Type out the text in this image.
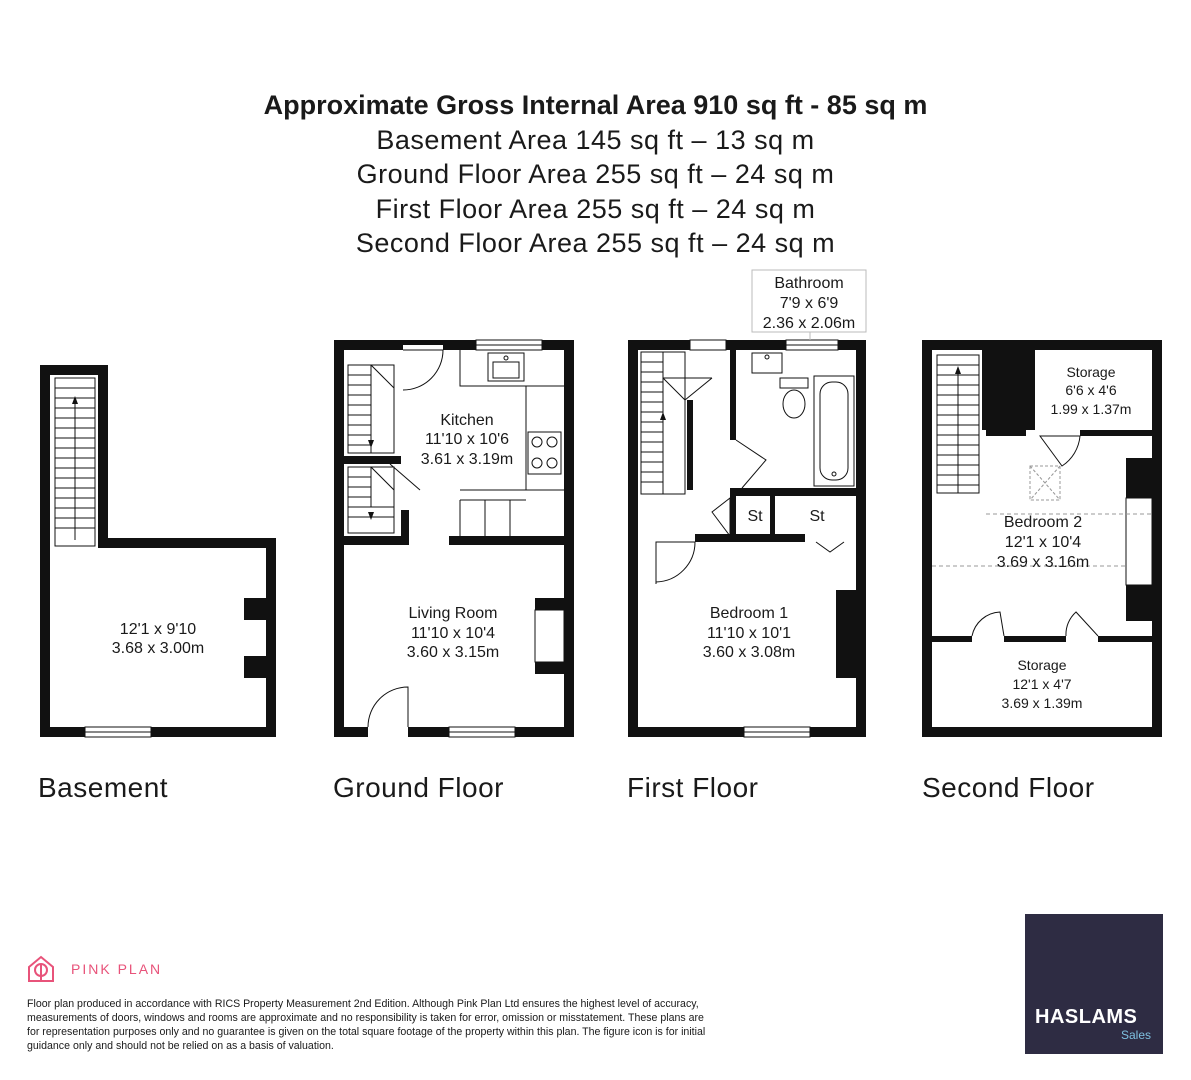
Approximate Gross Internal Area 910 sq ft - 85 sq m
Basement Area 145 sq ft – 13 sq m
Ground Floor Area 255 sq ft – 24 sq m
First Floor Area 255 sq ft – 24 sq m
Second Floor Area 255 sq ft – 24 sq m
12'1 x 9'10
3.68 x 3.00m
Kitchen
11'10 x 10'6
3.61 x 3.19m
Living Room
11'10 x 10'4
3.60 x 3.15m
Bathroom
7'9 x 6'9
2.36 x 2.06m
St	St
Bedroom 1
11'10 x 10'1
3.60 x 3.08m
Storage
6'6 x 4'6
1.99 x 1.37m
Bedroom 2
12'1 x 10'4
3.69 x 3.16m
Storage
12'1 x 4'7
3.69 x 1.39m
Basement	Ground Floor	First Floor	Second Floor
PINK PLAN
Floor plan produced in accordance with RICS Property Measurement 2nd Edition. Although Pink Plan Ltd ensures the highest level of accuracy, measurements of doors, windows and rooms are approximate and no responsibility is taken for error, omission or misstatement. These plans are for representation purposes only and no guarantee is given on the total square footage of the property within this plan. The figure icon is for initial guidance only and should not be relied on as a basis of valuation.
HASLAMS
Sales
